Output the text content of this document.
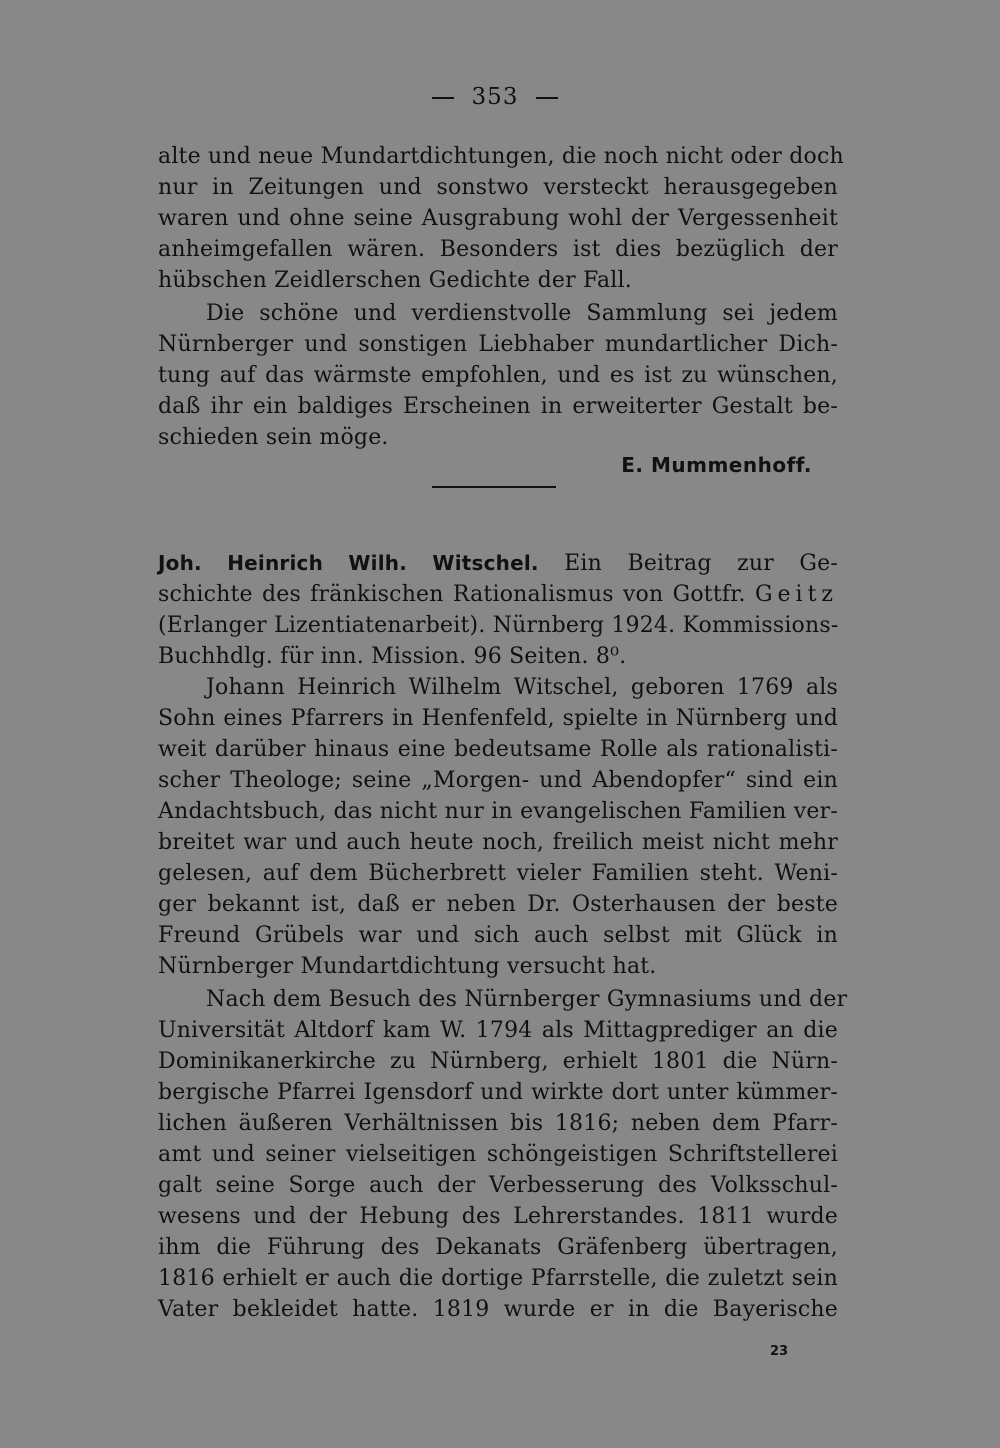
353
alte und neue Mundartdichtungen, die noch nicht oder doch
nur in Zeitungen und sonstwo versteckt herausgegeben
waren und ohne seine Ausgrabung wohl der Vergessenheit
anheimgefallen wären. Besonders ist dies bezüglich der
hübschen Zeidlerschen Gedichte der Fall.
Die schöne und verdienstvolle Sammlung sei jedem
Nürnberger und sonstigen Liebhaber mundartlicher Dich-
tung auf das wärmste empfohlen, und es ist zu wünschen,
daß ihr ein baldiges Erscheinen in erweiterter Gestalt be-
schieden sein möge.
E. Mummenhoff.
Joh. Heinrich Wilh. Witschel. Ein Beitrag zur Ge-
schichte des fränkischen Rationalismus von Gottfr. Geitz
(Erlanger Lizentiatenarbeit). Nürnberg 1924. Kommissions-
Buchhdlg. für inn. Mission. 96 Seiten. 8⁰.
Johann Heinrich Wilhelm Witschel, geboren 1769 als
Sohn eines Pfarrers in Henfenfeld, spielte in Nürnberg und
weit darüber hinaus eine bedeutsame Rolle als rationalisti-
scher Theologe; seine „Morgen- und Abendopfer“ sind ein
Andachtsbuch, das nicht nur in evangelischen Familien ver-
breitet war und auch heute noch, freilich meist nicht mehr
gelesen, auf dem Bücherbrett vieler Familien steht. Weni-
ger bekannt ist, daß er neben Dr. Osterhausen der beste
Freund Grübels war und sich auch selbst mit Glück in
Nürnberger Mundartdichtung versucht hat.
Nach dem Besuch des Nürnberger Gymnasiums und der
Universität Altdorf kam W. 1794 als Mittagprediger an die
Dominikanerkirche zu Nürnberg, erhielt 1801 die Nürn-
bergische Pfarrei Igensdorf und wirkte dort unter kümmer-
lichen äußeren Verhältnissen bis 1816; neben dem Pfarr-
amt und seiner vielseitigen schöngeistigen Schriftstellerei
galt seine Sorge auch der Verbesserung des Volksschul-
wesens und der Hebung des Lehrerstandes. 1811 wurde
ihm die Führung des Dekanats Gräfenberg übertragen,
1816 erhielt er auch die dortige Pfarrstelle, die zuletzt sein
Vater bekleidet hatte. 1819 wurde er in die Bayerische
23
